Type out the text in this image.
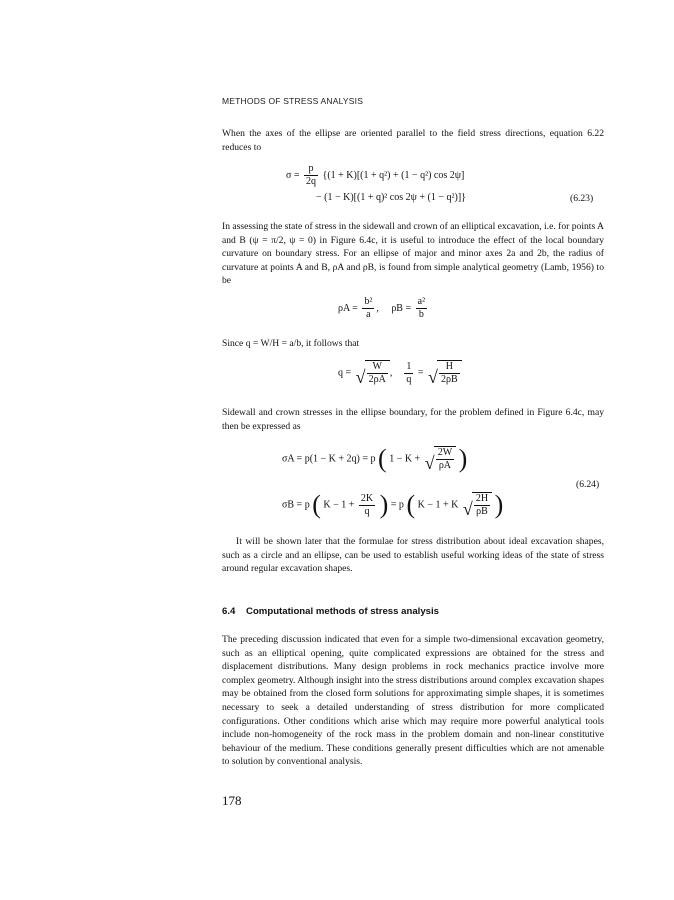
METHODS OF STRESS ANALYSIS

When the axes of the ellipse are oriented parallel to the field stress directions, equation 6.22 reduces to

$\sigma = \frac{p}{2q} \{(1 + K)[(1 + q^2) + (1 - q^2)$ cos 2ψ]
− (1 − K)[(1 + q)² cos 2ψ + (1 − q²)]}	(6.23)

In assessing the state of stress in the sidewall and crown of an elliptical excavation, i.e. for points A and B (ψ = π/2, ψ = 0) in Figure 6.4c, it is useful to introduce the effect of the local boundary curvature on boundary stress. For an ellipse of major and minor axes 2a and 2b, the radius of curvature at points A and B, ρA and ρB, is found from simple analytical geometry (Lamb, 1956) to be

$\rho A = \frac{\text{b²}}{a}$ , $\rho B = \frac{\text{a²}}{b}$

Since q = W/H = a/b, it follows that

q = √ $\frac{W}{2\rho A}$ , $\frac{1}{q}$ = √ $\frac{H}{2\rho B}$

Sidewall and crown stresses in the ellipse boundary, for the problem defined in Figure 6.4c, may then be expressed as

σA = p(1 − K + 2q) = p ( 1 − K + √ $\frac{2W}{\rho A}$ )
(6.24)
σB = p ( $K - 1 + \frac{2K}{q}$ ) = p ( K − 1 + K √ $\frac{2H}{\rho B}$ )

It will be shown later that the formulae for stress distribution about ideal excavation shapes, such as a circle and an ellipse, can be used to establish useful working ideas of the state of stress around regular excavation shapes.

6.4 Computational methods of stress analysis

The preceding discussion indicated that even for a simple two-dimensional excavation geometry, such as an elliptical opening, quite complicated expressions are obtained for the stress and displacement distributions. Many design problems in rock mechanics practice involve more complex geometry. Although insight into the stress distributions around complex excavation shapes may be obtained from the closed form solutions for approximating simple shapes, it is sometimes necessary to seek a detailed understanding of stress distribution for more complicated configurations. Other conditions which arise which may require more powerful analytical tools include non-homogeneity of the rock mass in the problem domain and non-linear constitutive behaviour of the medium. These conditions generally present difficulties which are not amenable to solution by conventional analysis.

178
